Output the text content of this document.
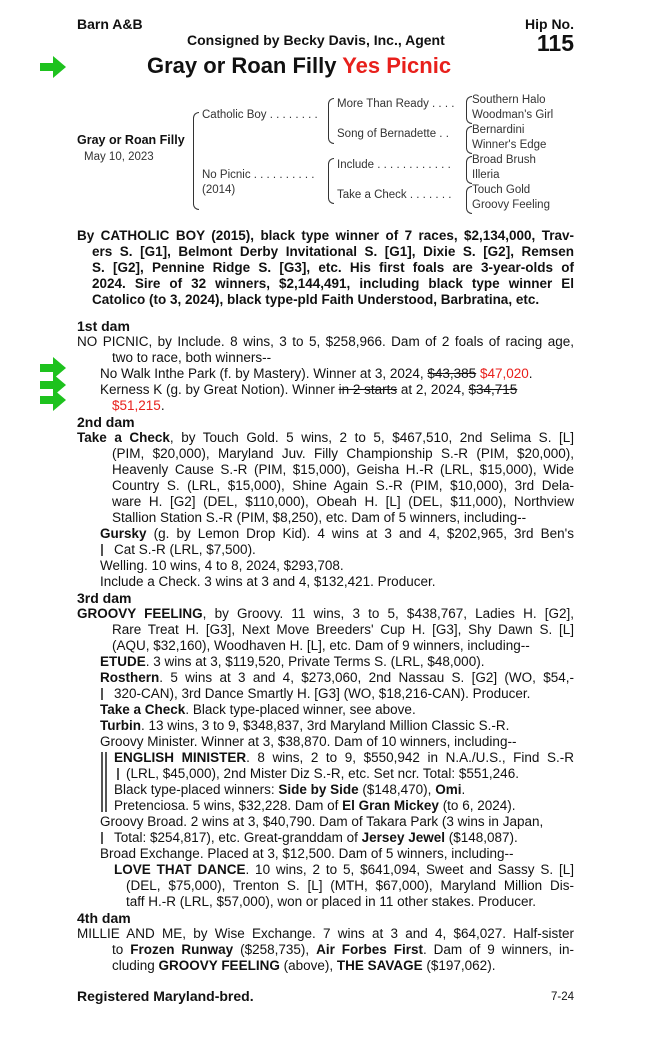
Barn A&B
Consigned by Becky Davis, Inc., Agent
Hip No.
115
Gray or Roan Filly Yes Picnic
Gray or Roan Filly
May 10, 2023
Catholic Boy . . . . . . . .
No Picnic . . . . . . . . . .
(2014)
More Than Ready . . . .
Song of Bernadette . .
Include . . . . . . . . . . . .
Take a Check . . . . . . .
Southern Halo
Woodman's Girl
Bernardini
Winner's Edge
Broad Brush
Illeria
Touch Gold
Groovy Feeling
By CATHOLIC BOY (2015), black type winner of 7 races, $2,134,000, Trav-
ers S. [G1], Belmont Derby Invitational S. [G1], Dixie S. [G2], Remsen
S. [G2], Pennine Ridge S. [G3], etc. His first foals are 3-year-olds of
2024. Sire of 32 winners, $2,144,491, including black type winner El
Catolico (to 3, 2024), black type-pld Faith Understood, Barbratina, etc.
1st dam
NO PICNIC, by Include. 8 wins, 3 to 5, $258,966. Dam of 2 foals of racing age,
two to race, both winners--
No Walk Inthe Park (f. by Mastery). Winner at 3, 2024, $43,385 $47,020.
Kerness K (g. by Great Notion). Winner in 2 starts at 2, 2024, $34,715
$51,215.
2nd dam
Take a Check, by Touch Gold. 5 wins, 2 to 5, $467,510, 2nd Selima S. [L]
(PIM, $20,000), Maryland Juv. Filly Championship S.-R (PIM, $20,000),
Heavenly Cause S.-R (PIM, $15,000), Geisha H.-R (LRL, $15,000), Wide
Country S. (LRL, $15,000), Shine Again S.-R (PIM, $10,000), 3rd Dela-
ware H. [G2] (DEL, $110,000), Obeah H. [L] (DEL, $11,000), Northview
Stallion Station S.-R (PIM, $8,250), etc. Dam of 5 winners, including--
Gursky (g. by Lemon Drop Kid). 4 wins at 3 and 4, $202,965, 3rd Ben's
Cat S.-R (LRL, $7,500).
Welling. 10 wins, 4 to 8, 2024, $293,708.
Include a Check. 3 wins at 3 and 4, $132,421. Producer.
3rd dam
GROOVY FEELING, by Groovy. 11 wins, 3 to 5, $438,767, Ladies H. [G2],
Rare Treat H. [G3], Next Move Breeders' Cup H. [G3], Shy Dawn S. [L]
(AQU, $32,160), Woodhaven H. [L], etc. Dam of 9 winners, including--
ETUDE. 3 wins at 3, $119,520, Private Terms S. (LRL, $48,000).
Rosthern. 5 wins at 3 and 4, $273,060, 2nd Nassau S. [G2] (WO, $54,-
320-CAN), 3rd Dance Smartly H. [G3] (WO, $18,216-CAN). Producer.
Take a Check. Black type-placed winner, see above.
Turbin. 13 wins, 3 to 9, $348,837, 3rd Maryland Million Classic S.-R.
Groovy Minister. Winner at 3, $38,870. Dam of 10 winners, including--
ENGLISH MINISTER. 8 wins, 2 to 9, $550,942 in N.A./U.S., Find S.-R
(LRL, $45,000), 2nd Mister Diz S.-R, etc. Set ncr. Total: $551,246.
Black type-placed winners: Side by Side ($148,470), Omi.
Pretenciosa. 5 wins, $32,228. Dam of El Gran Mickey (to 6, 2024).
Groovy Broad. 2 wins at 3, $40,790. Dam of Takara Park (3 wins in Japan,
Total: $254,817), etc. Great-granddam of Jersey Jewel ($148,087).
Broad Exchange. Placed at 3, $12,500. Dam of 5 winners, including--
LOVE THAT DANCE. 10 wins, 2 to 5, $641,094, Sweet and Sassy S. [L]
(DEL, $75,000), Trenton S. [L] (MTH, $67,000), Maryland Million Dis-
taff H.-R (LRL, $57,000), won or placed in 11 other stakes. Producer.
4th dam
MILLIE AND ME, by Wise Exchange. 7 wins at 3 and 4, $64,027. Half-sister
to Frozen Runway ($258,735), Air Forbes First. Dam of 9 winners, in-
cluding GROOVY FEELING (above), THE SAVAGE ($197,062).
Registered Maryland-bred.	7-24
